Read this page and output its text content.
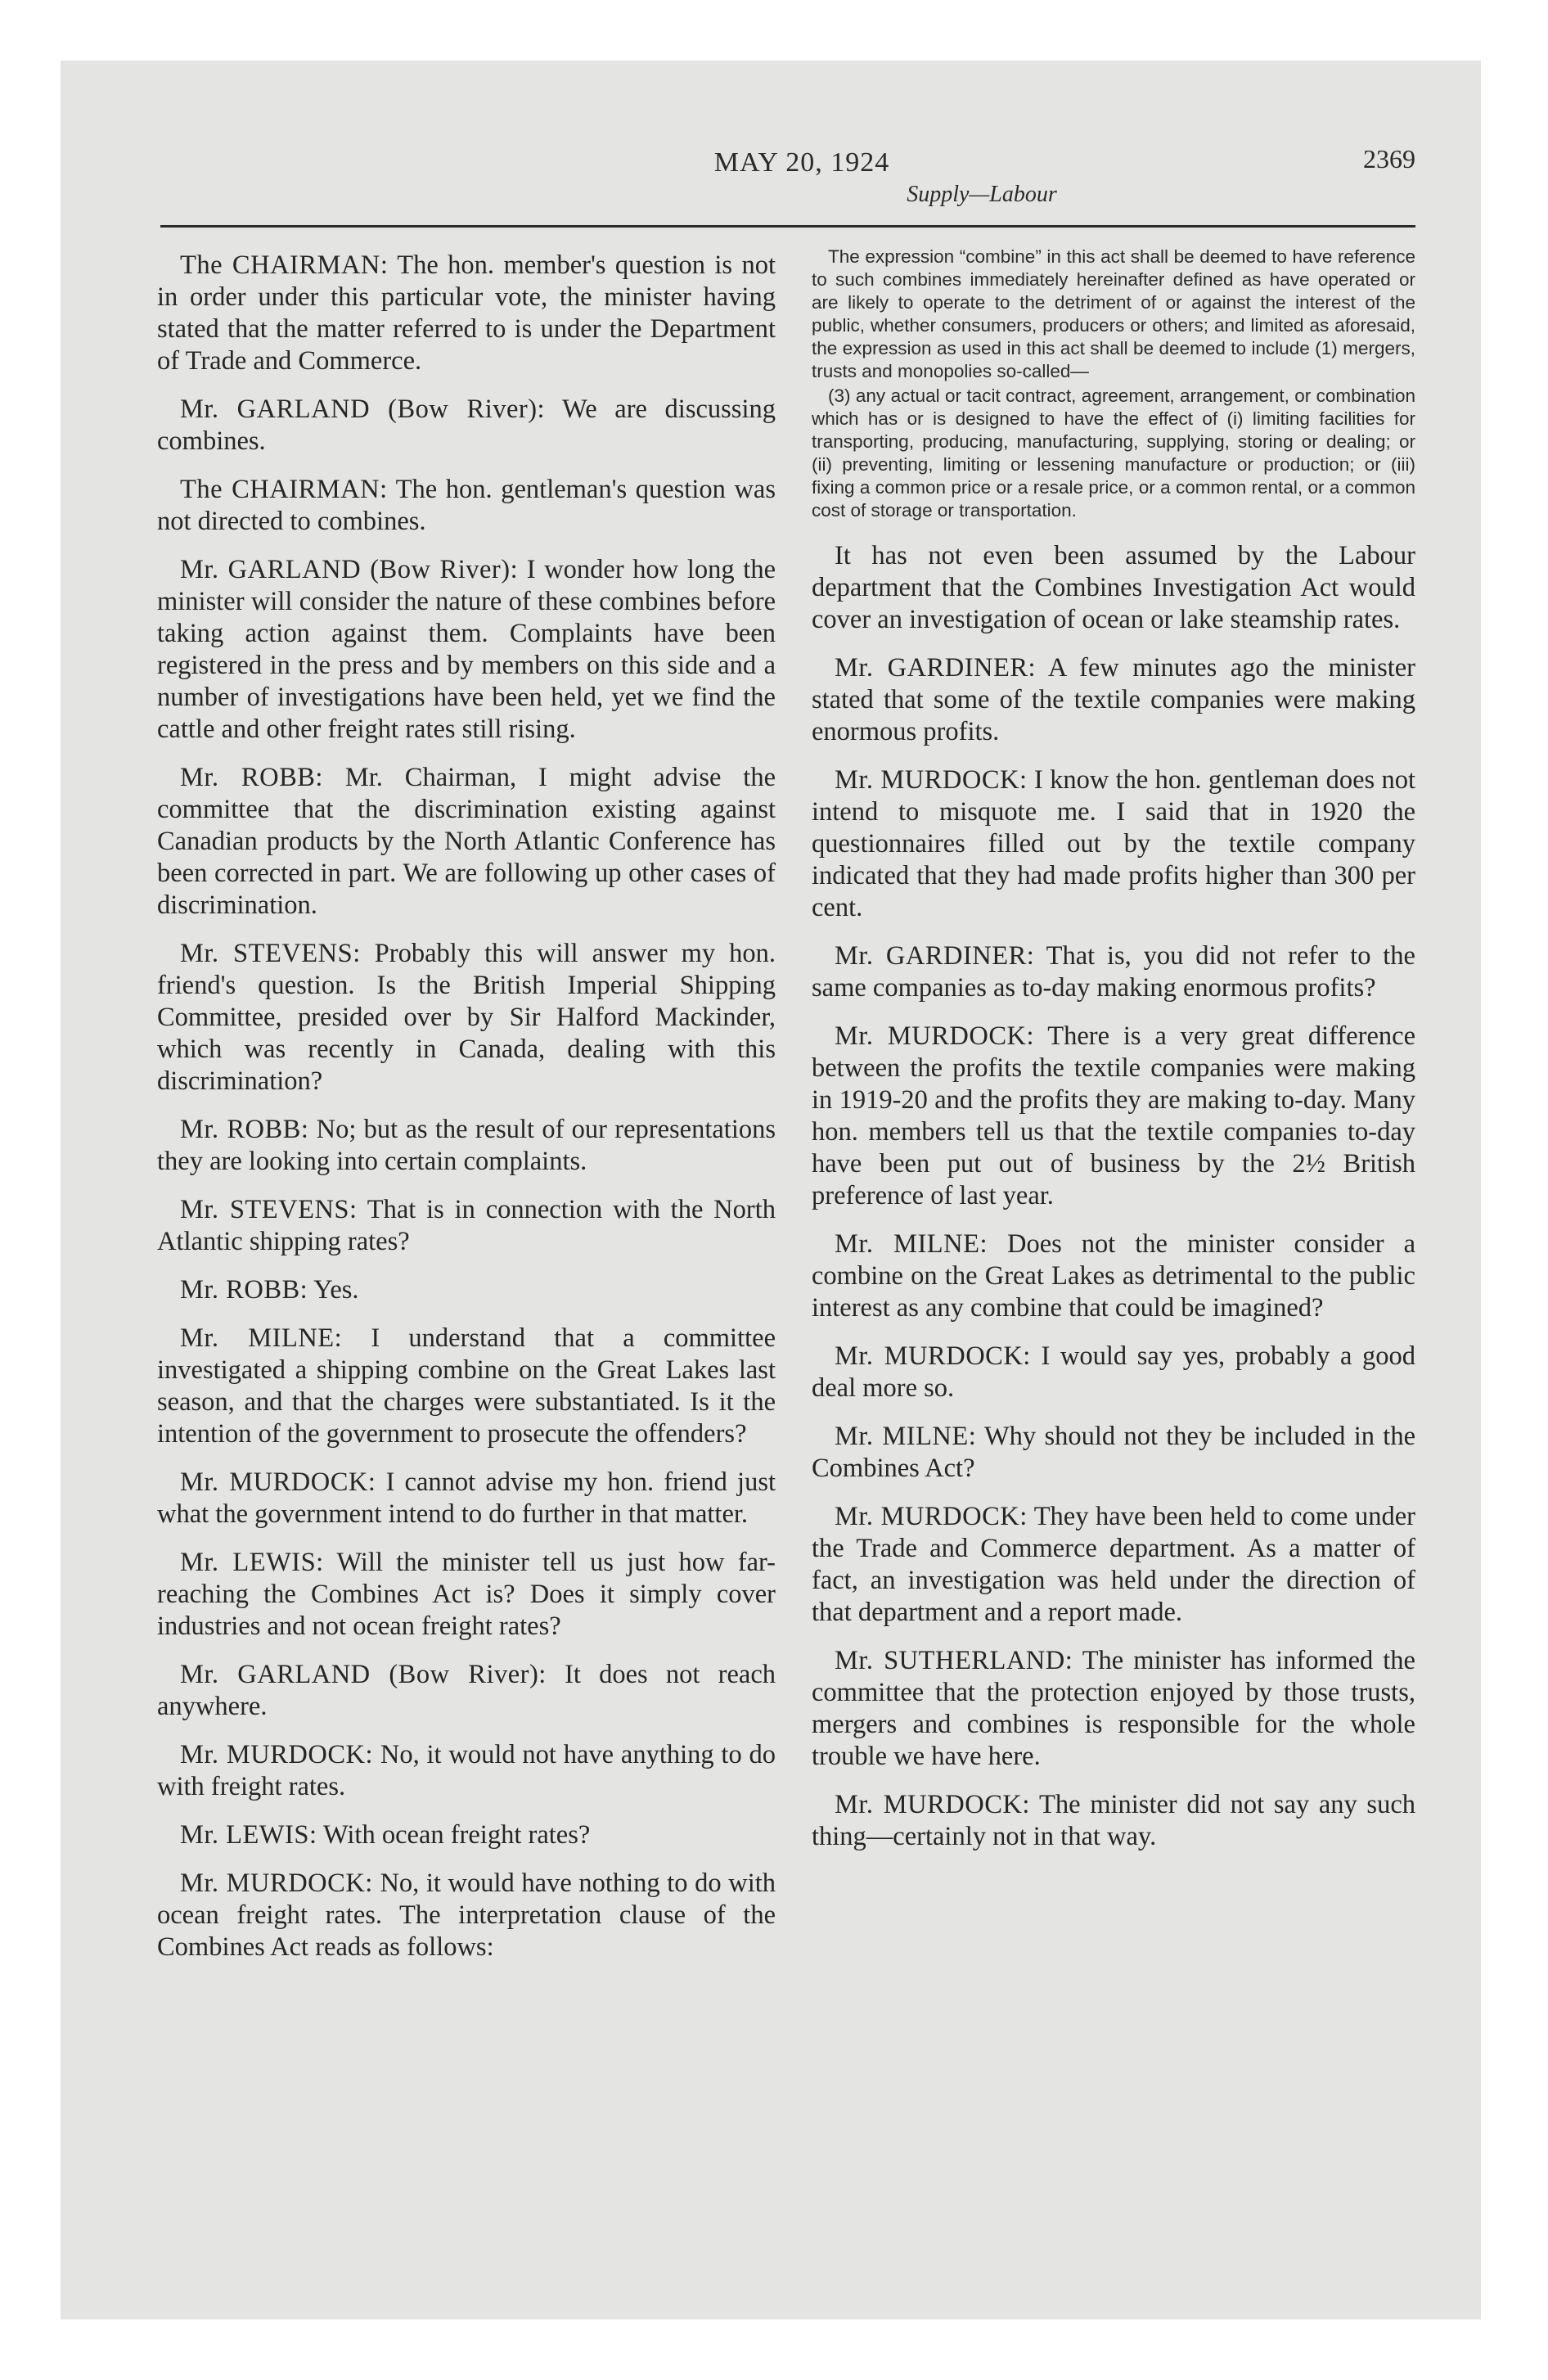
MAY 20, 1924	2369
Supply—Labour

The CHAIRMAN: The hon. member's question is not in order under this particular vote, the minister having stated that the matter referred to is under the Department of Trade and Commerce.

Mr. GARLAND (Bow River): We are discussing combines.

The CHAIRMAN: The hon. gentleman's question was not directed to combines.

Mr. GARLAND (Bow River): I wonder how long the minister will consider the nature of these combines before taking action against them. Complaints have been registered in the press and by members on this side and a number of investigations have been held, yet we find the cattle and other freight rates still rising.

Mr. ROBB: Mr. Chairman, I might advise the committee that the discrimination existing against Canadian products by the North Atlantic Conference has been corrected in part. We are following up other cases of discrimination.

Mr. STEVENS: Probably this will answer my hon. friend's question. Is the British Imperial Shipping Committee, presided over by Sir Halford Mackinder, which was recently in Canada, dealing with this discrimination?

Mr. ROBB: No; but as the result of our representations they are looking into certain complaints.

Mr. STEVENS: That is in connection with the North Atlantic shipping rates?

Mr. ROBB: Yes.

Mr. MILNE: I understand that a committee investigated a shipping combine on the Great Lakes last season, and that the charges were substantiated. Is it the intention of the government to prosecute the offenders?

Mr. MURDOCK: I cannot advise my hon. friend just what the government intend to do further in that matter.

Mr. LEWIS: Will the minister tell us just how far-reaching the Combines Act is? Does it simply cover industries and not ocean freight rates?

Mr. GARLAND (Bow River): It does not reach anywhere.

Mr. MURDOCK: No, it would not have anything to do with freight rates.

Mr. LEWIS: With ocean freight rates?

Mr. MURDOCK: No, it would have nothing to do with ocean freight rates. The interpretation clause of the Combines Act reads as follows:

The expression “combine” in this act shall be deemed to have reference to such combines immediately hereinafter defined as have operated or are likely to operate to the detriment of or against the interest of the public, whether consumers, producers or others; and limited as aforesaid, the expression as used in this act shall be deemed to include (1) mergers, trusts and monopolies so-called—

(3) any actual or tacit contract, agreement, arrangement, or combination which has or is designed to have the effect of (i) limiting facilities for transporting, producing, manufacturing, supplying, storing or dealing; or (ii) preventing, limiting or lessening manufacture or production; or (iii) fixing a common price or a resale price, or a common rental, or a common cost of storage or transportation.

It has not even been assumed by the Labour department that the Combines Investigation Act would cover an investigation of ocean or lake steamship rates.

Mr. GARDINER: A few minutes ago the minister stated that some of the textile companies were making enormous profits.

Mr. MURDOCK: I know the hon. gentleman does not intend to misquote me. I said that in 1920 the questionnaires filled out by the textile company indicated that they had made profits higher than 300 per cent.

Mr. GARDINER: That is, you did not refer to the same companies as to-day making enormous profits?

Mr. MURDOCK: There is a very great difference between the profits the textile companies were making in 1919-20 and the profits they are making to-day. Many hon. members tell us that the textile companies to-day have been put out of business by the 2½ British preference of last year.

Mr. MILNE: Does not the minister consider a combine on the Great Lakes as detrimental to the public interest as any combine that could be imagined?

Mr. MURDOCK: I would say yes, probably a good deal more so.

Mr. MILNE: Why should not they be included in the Combines Act?

Mr. MURDOCK: They have been held to come under the Trade and Commerce department. As a matter of fact, an investigation was held under the direction of that department and a report made.

Mr. SUTHERLAND: The minister has informed the committee that the protection enjoyed by those trusts, mergers and combines is responsible for the whole trouble we have here.

Mr. MURDOCK: The minister did not say any such thing—certainly not in that way.
